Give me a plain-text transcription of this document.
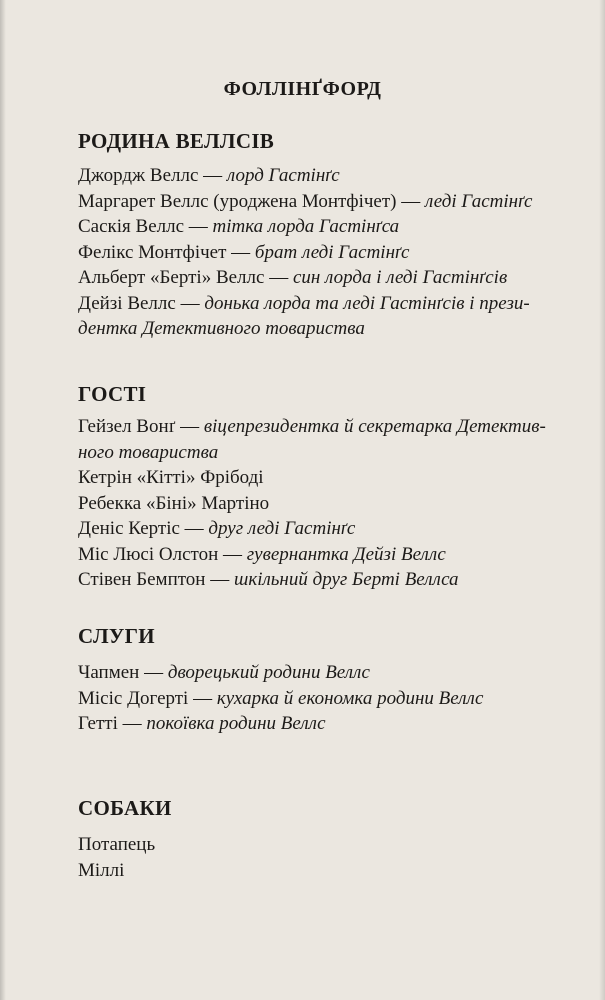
ФОЛЛІНҐФОРД
РОДИНА ВЕЛЛСІВ
Джордж Веллс — лорд Гастінґс
Маргарет Веллс (уроджена Монтфічет) — леді Гастінґс
Саскія Веллс — тітка лорда Гастінґса
Фелікс Монтфічет — брат леді Гастінґс
Альберт «Берті» Веллс — син лорда і леді Гастінґсів
Дейзі Веллс — донька лорда та леді Гастінґсів і прези-
дентка Детективного товариства
ГОСТІ
Гейзел Вонґ — віцепрезидентка й секретарка Детектив-
ного товариства
Кетрін «Кітті» Фрібоді
Ребекка «Біні» Мартіно
Деніс Кертіс — друг леді Гастінґс
Міс Люсі Олстон — гувернантка Дейзі Веллс
Стівен Бемптон — шкільний друг Берті Веллса
СЛУГИ
Чапмен — дворецький родини Веллс
Місіс Догерті — кухарка й економка родини Веллс
Гетті — покоївка родини Веллс
СОБАКИ
Потапець
Міллі
